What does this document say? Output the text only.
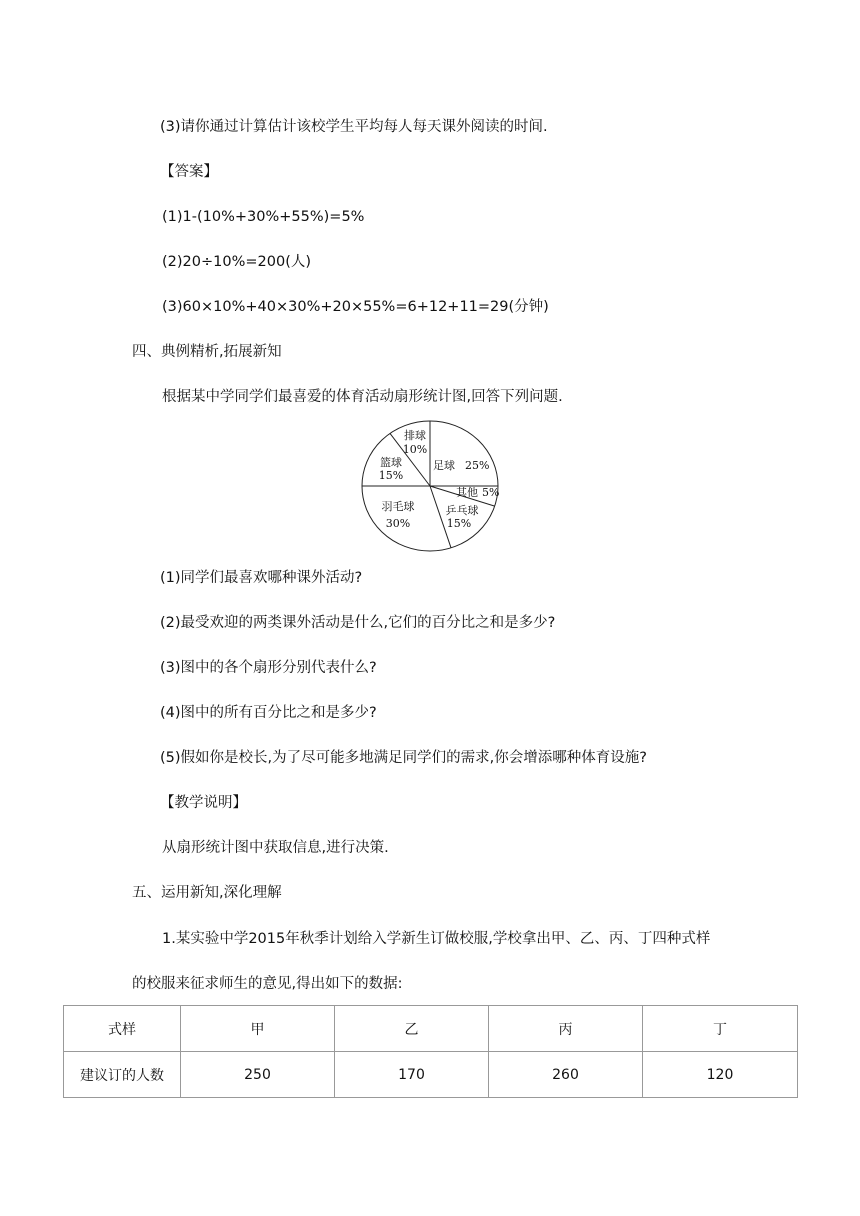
(3)请你通过计算估计该校学生平均每人每天课外阅读的时间.
【答案】
(1)1-(10%+30%+55%)=5%
(2)20÷10%=200(人)
(3)60×10%+40×30%+20×55%=6+12+11=29(分钟)
四、典例精析,拓展新知
根据某中学同学们最喜爱的体育活动扇形统计图,回答下列问题.
排球
10%
篮球
15%
足球 25%
其他 5%
乒乓球
15%
羽毛球
30%
(1)同学们最喜欢哪种课外活动?
(2)最受欢迎的两类课外活动是什么,它们的百分比之和是多少?
(3)图中的各个扇形分别代表什么?
(4)图中的所有百分比之和是多少?
(5)假如你是校长,为了尽可能多地满足同学们的需求,你会增添哪种体育设施?
【教学说明】
从扇形统计图中获取信息,进行决策.
五、运用新知,深化理解
1.某实验中学2015年秋季计划给入学新生订做校服,学校拿出甲、乙、丙、丁四种式样
的校服来征求师生的意见,得出如下的数据:
式样	甲	乙	丙	丁
建议订的人数	250	170	260	120
